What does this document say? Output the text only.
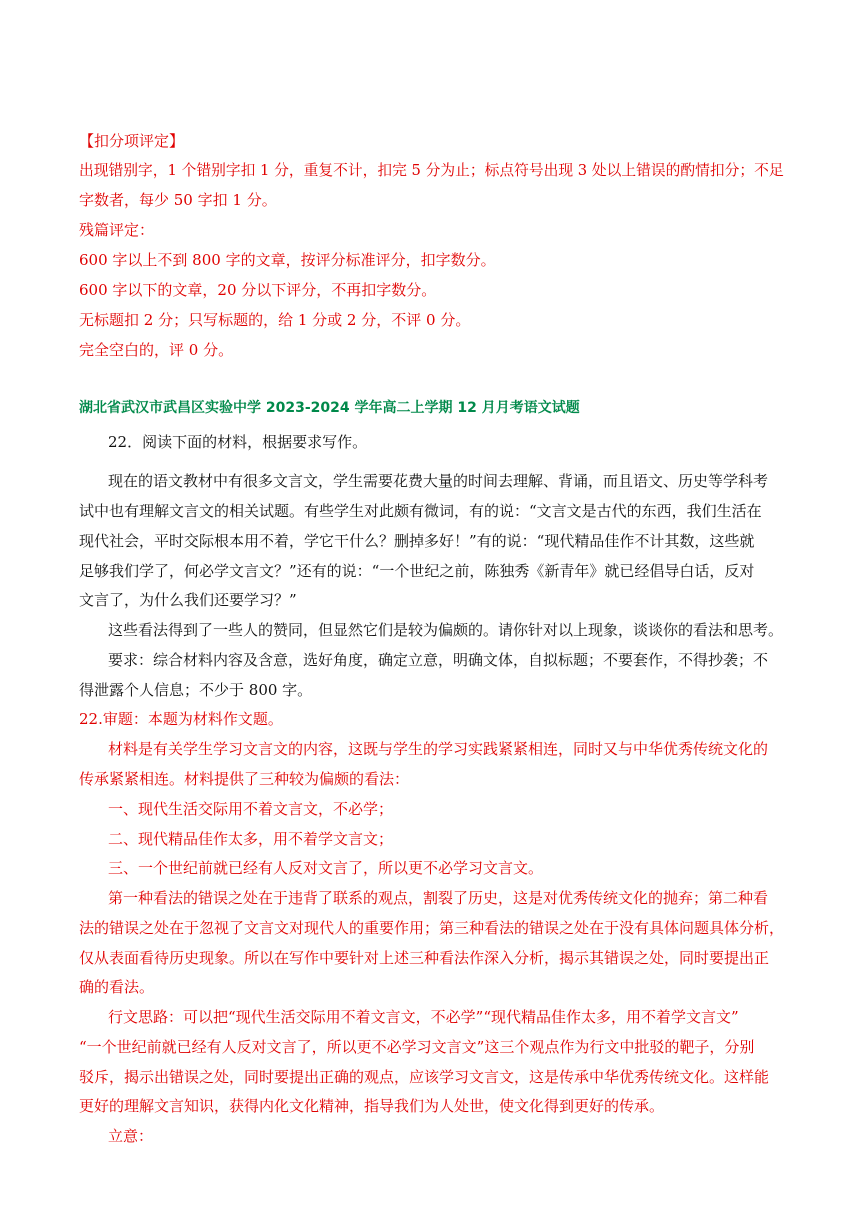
【扣分项评定】
出现错别字，1 个错别字扣 1 分，重复不计，扣完 5 分为止；标点符号出现 3 处以上错误的酌情扣分；不足
字数者，每少 50 字扣 1 分。
残篇评定：
600 字以上不到 800 字的文章，按评分标准评分，扣字数分。
600 字以下的文章，20 分以下评分，不再扣字数分。
无标题扣 2 分；只写标题的，给 1 分或 2 分，不评 0 分。
完全空白的，评 0 分。
湖北省武汉市武昌区实验中学 2023-2024 学年高二上学期 12 月月考语文试题
22．阅读下面的材料，根据要求写作。
现在的语文教材中有很多文言文，学生需要花费大量的时间去理解、背诵，而且语文、历史等学科考
试中也有理解文言文的相关试题。有些学生对此颇有微词，有的说：“文言文是古代的东西，我们生活在
现代社会，平时交际根本用不着，学它干什么？删掉多好！”有的说：“现代精品佳作不计其数，这些就
足够我们学了，何必学文言文？”还有的说：“一个世纪之前，陈独秀《新青年》就已经倡导白话，反对
文言了，为什么我们还要学习？”
这些看法得到了一些人的赞同，但显然它们是较为偏颇的。请你针对以上现象，谈谈你的看法和思考。
要求：综合材料内容及含意，选好角度，确定立意，明确文体，自拟标题；不要套作，不得抄袭；不
得泄露个人信息；不少于 800 字。
22.审题：本题为材料作文题。
材料是有关学生学习文言文的内容，这既与学生的学习实践紧紧相连，同时又与中华优秀传统文化的
传承紧紧相连。材料提供了三种较为偏颇的看法：
一、现代生活交际用不着文言文，不必学；
二、现代精品佳作太多，用不着学文言文；
三、一个世纪前就已经有人反对文言了，所以更不必学习文言文。
第一种看法的错误之处在于违背了联系的观点，割裂了历史，这是对优秀传统文化的抛弃；第二种看
法的错误之处在于忽视了文言文对现代人的重要作用；第三种看法的错误之处在于没有具体问题具体分析，
仅从表面看待历史现象。所以在写作中要针对上述三种看法作深入分析，揭示其错误之处，同时要提出正
确的看法。
行文思路：可以把“现代生活交际用不着文言文，不必学”“现代精品佳作太多，用不着学文言文”
“一个世纪前就已经有人反对文言了，所以更不必学习文言文”这三个观点作为行文中批驳的靶子，分别
驳斥，揭示出错误之处，同时要提出正确的观点，应该学习文言文，这是传承中华优秀传统文化。这样能
更好的理解文言知识，获得内化文化精神，指导我们为人处世，使文化得到更好的传承。
立意：
